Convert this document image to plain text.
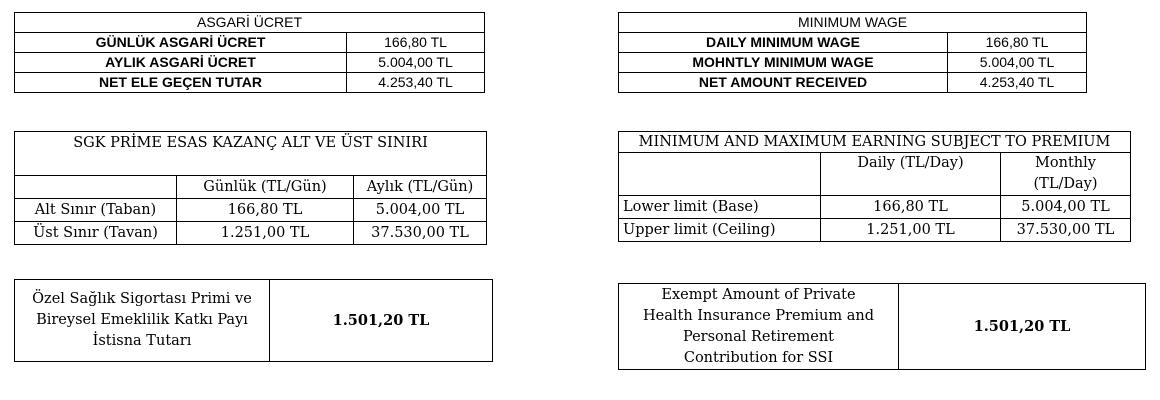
ASGARİ ÜCRET	
GÜNLÜK ASGARİ ÜCRET	166,80 TL
AYLIK ASGARİ ÜCRET	5.004,00 TL
NET ELE GEÇEN TUTAR	4.253,40 TL
MINIMUM WAGE	
DAILY MINIMUM WAGE	166,80 TL
MOHNTLY MINIMUM WAGE	5.004,00 TL
NET AMOUNT RECEIVED	4.253,40 TL
SGK PRİME ESAS KAZANÇ ALT VE ÜST SINIRI		
	Günlük (TL/Gün)	Aylık (TL/Gün)
Alt Sınır (Taban)	166,80 TL	5.004,00 TL
Üst Sınır (Tavan)	1.251,00 TL	37.530,00 TL
MINIMUM AND MAXIMUM EARNING SUBJECT TO PREMIUM		
	Daily (TL/Day)	Monthly
(TL/Day)

Lower limit (Base)	166,80 TL	5.004,00 TL
Upper limit (Ceiling)	1.251,00 TL	37.530,00 TL
Özel Sağlık Sigortası Primi ve
Bireysel Emeklilik Katkı Payı
İstisna Tutarı
	1.501,20 TL
Exempt Amount of Private
Health Insurance Premium and
Personal Retirement
Contribution for SSI
	1.501,20 TL
